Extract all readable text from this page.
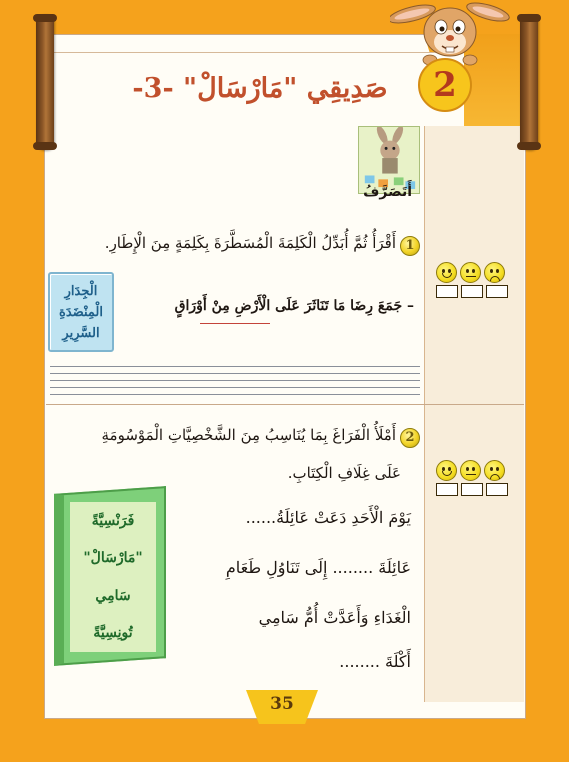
2
صَدِيقِي "مَارْسَالْ" -3-
أَتَصَرَّفُ
1
أَقْرَأُ ثُمَّ أُبَدِّلُ الْكَلِمَةَ الْمُسَطَّرَةَ بِكَلِمَةٍ مِنَ الْإِطَارِ.
– جَمَعَ رِضَا مَا تَنَاثَرَ عَلَى الْأَرْضِ مِنْ أَوْرَاقٍ
الْجِدَارِ
الْمِنْضَدَةِ
السَّرِيرِ
2
أَمْلَأُ الْفَرَاغَ بِمَا يُنَاسِبُ مِنَ الشَّخْصِيَّاتِ الْمَوْسُومَةِ
عَلَى غِلَافِ الْكِتَابِ.
فَرَنْسِيَّةً
"مَارْسَالْ"
سَامِي
تُونِسِيَّةً
يَوْمَ الْأَحَدِ دَعَتْ عَائِلَةُ......
عَائِلَةَ ........ إِلَى تَنَاوُلِ طَعَامِ
الْغَدَاءِ وَأَعَدَّتْ أُمُّ سَامِي
أَكْلَةَ ........
35
